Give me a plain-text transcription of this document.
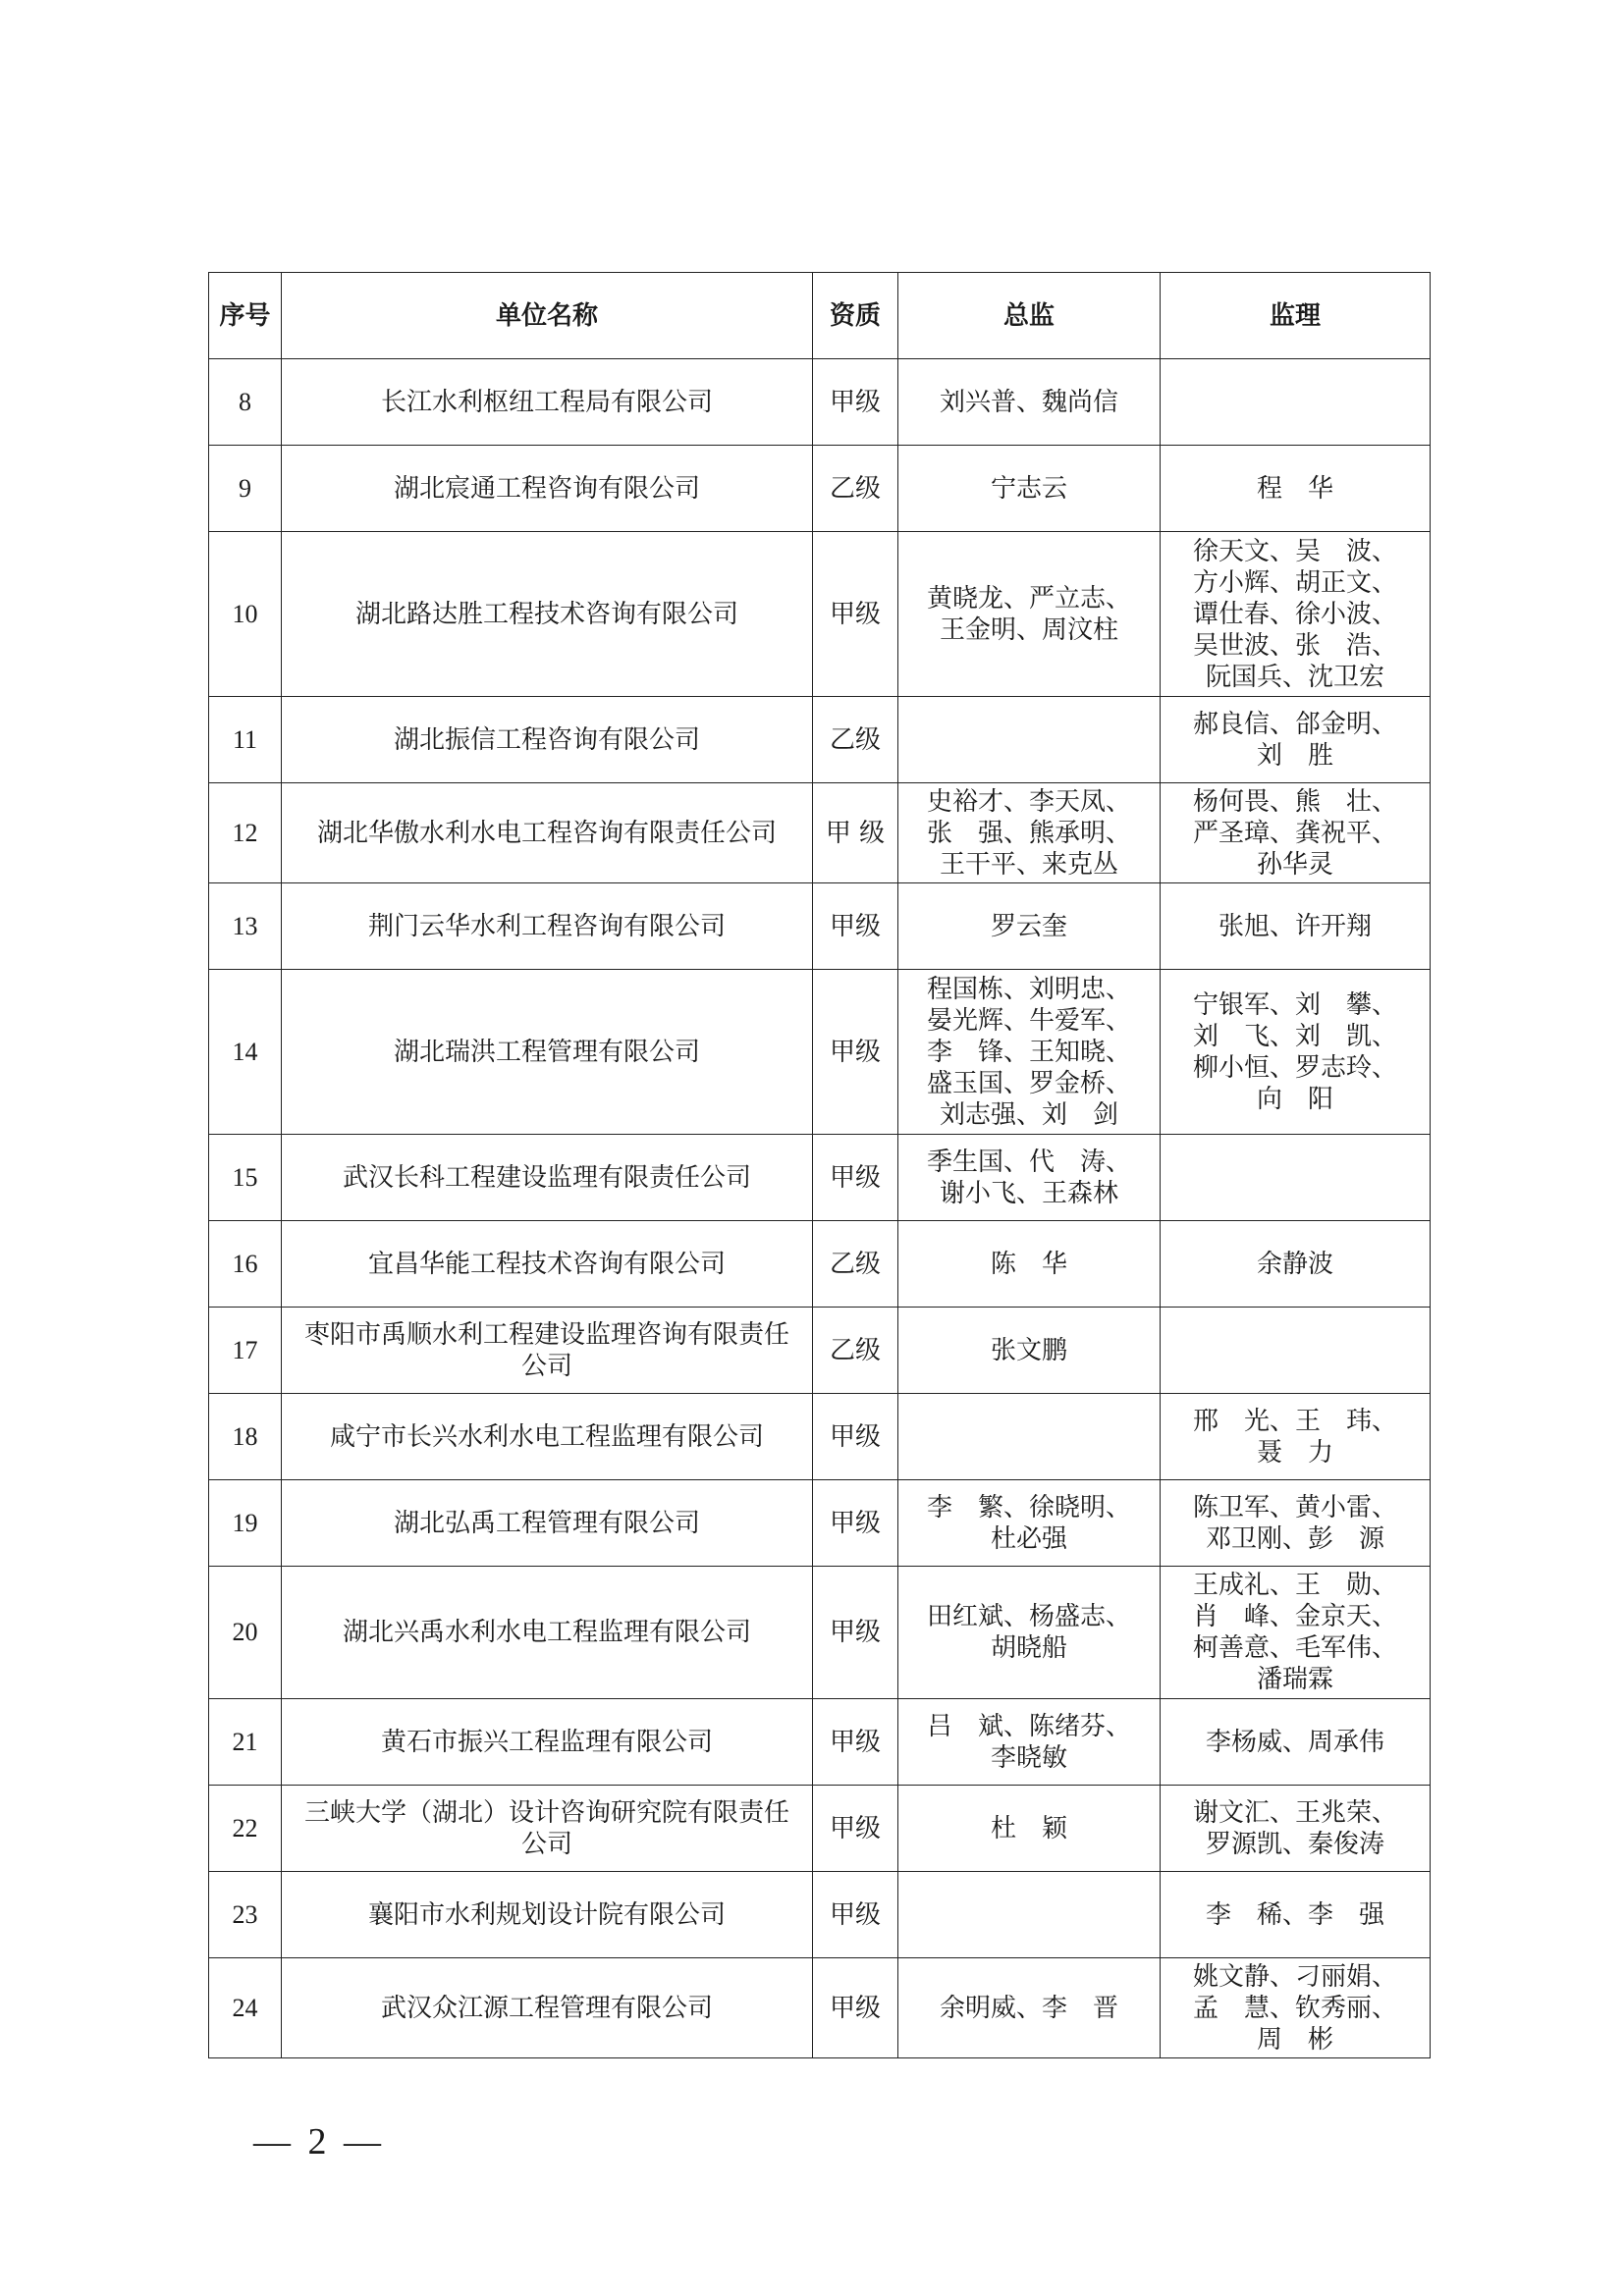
序号	单位名称	资质	总监	监理

8	长江水利枢纽工程局有限公司	甲级	刘兴普、魏尚信	

9	湖北宸通工程咨询有限公司	乙级	宁志云	程　华

10	湖北路达胜工程技术咨询有限公司	甲级	黄晓龙、严立志、
王金明、周汶柱	徐天文、吴　波、
方小辉、胡正文、
谭仕春、徐小波、
吴世波、张　浩、
阮国兵、沈卫宏

11	湖北振信工程咨询有限公司	乙级		郝良信、郃金明、
刘　胜

12	湖北华傲水利水电工程咨询有限责任公司	甲 级	史裕才、李天凤、
张　强、熊承明、
王干平、来克丛	杨何畏、熊　壮、
严圣璋、龚祝平、
孙华灵

13	荆门云华水利工程咨询有限公司	甲级	罗云奎	张旭、许开翔

14	湖北瑞洪工程管理有限公司	甲级	程国栋、刘明忠、
晏光辉、牛爱军、
李　锋、王知晓、
盛玉国、罗金桥、
刘志强、刘　剑	宁银军、刘　攀、
刘　飞、刘　凯、
柳小恒、罗志玲、
向　阳

15	武汉长科工程建设监理有限责任公司	甲级	季生国、代　涛、
谢小飞、王森林	

16	宜昌华能工程技术咨询有限公司	乙级	陈　华	余静波

17	枣阳市禹顺水利工程建设监理咨询有限责任
公司	乙级	张文鹏	

18	咸宁市长兴水利水电工程监理有限公司	甲级		邢　光、王　玮、
聂　力

19	湖北弘禹工程管理有限公司	甲级	李　繁、徐晓明、
杜必强	陈卫军、黄小雷、
邓卫刚、彭　源

20	湖北兴禹水利水电工程监理有限公司	甲级	田红斌、杨盛志、
胡晓船	王成礼、王　勋、
肖　峰、金京天、
柯善意、毛军伟、
潘瑞霖

21	黄石市振兴工程监理有限公司	甲级	吕　斌、陈绪芬、
李晓敏	李杨威、周承伟

22	三峡大学（湖北）设计咨询研究院有限责任
公司	甲级	杜　颖	谢文汇、王兆荣、
罗源凯、秦俊涛

23	襄阳市水利规划设计院有限公司	甲级		李　稀、李　强

24	武汉众江源工程管理有限公司	甲级	余明威、李　晋	姚文静、刁丽娟、
孟　慧、钦秀丽、
周　彬
— 2 —
